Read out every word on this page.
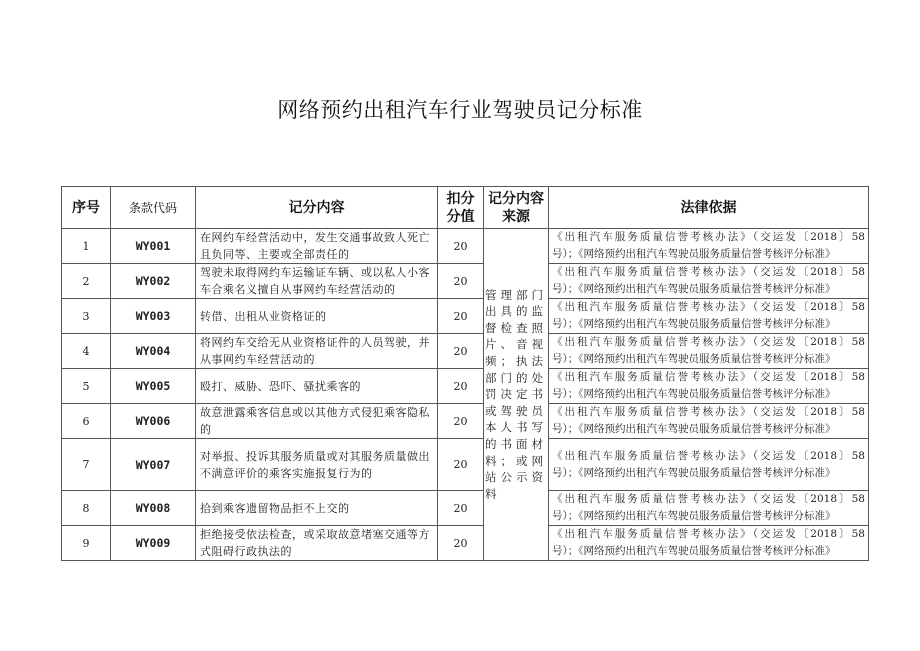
网络预约出租汽车行业驾驶员记分标准
序号	条款代码	记分内容	扣分分值	记分内容来源	法律依据
1	WY001	在网约车经营活动中，发生交通事故致人死亡且负同等、主要或全部责任的	20	管理部门出具的监督检查照片、音视频；执法部门的处罚决定书或驾驶员本人书写的书面材料；或网站公示资料	《出租汽车服务质量信誉考核办法》（交运发〔2018〕58
号）；《网络预约出租汽车驾驶员服务质量信誉考核评分标准》

2	WY002	驾驶未取得网约车运输证车辆、或以私人小客车合乘名义擅自从事网约车经营活动的	20		《出租汽车服务质量信誉考核办法》（交运发〔2018〕58
号）；《网络预约出租汽车驾驶员服务质量信誉考核评分标准》

3	WY003	转借、出租从业资格证的	20		《出租汽车服务质量信誉考核办法》（交运发〔2018〕58
号）；《网络预约出租汽车驾驶员服务质量信誉考核评分标准》

4	WY004	将网约车交给无从业资格证件的人员驾驶，并从事网约车经营活动的	20		《出租汽车服务质量信誉考核办法》（交运发〔2018〕58
号）；《网络预约出租汽车驾驶员服务质量信誉考核评分标准》

5	WY005	殴打、威胁、恐吓、骚扰乘客的	20		《出租汽车服务质量信誉考核办法》（交运发〔2018〕58
号）；《网络预约出租汽车驾驶员服务质量信誉考核评分标准》

6	WY006	故意泄露乘客信息或以其他方式侵犯乘客隐私的	20		《出租汽车服务质量信誉考核办法》（交运发〔2018〕58
号）；《网络预约出租汽车驾驶员服务质量信誉考核评分标准》

7	WY007	对举报、投诉其服务质量或对其服务质量做出不满意评价的乘客实施报复行为的	20		《出租汽车服务质量信誉考核办法》（交运发〔2018〕58
号）；《网络预约出租汽车驾驶员服务质量信誉考核评分标准》

8	WY008	拾到乘客遗留物品拒不上交的	20		《出租汽车服务质量信誉考核办法》（交运发〔2018〕58
号）；《网络预约出租汽车驾驶员服务质量信誉考核评分标准》

9	WY009	拒绝接受依法检查，或采取故意堵塞交通等方式阻碍行政执法的	20		《出租汽车服务质量信誉考核办法》（交运发〔2018〕58
号）；《网络预约出租汽车驾驶员服务质量信誉考核评分标准》
